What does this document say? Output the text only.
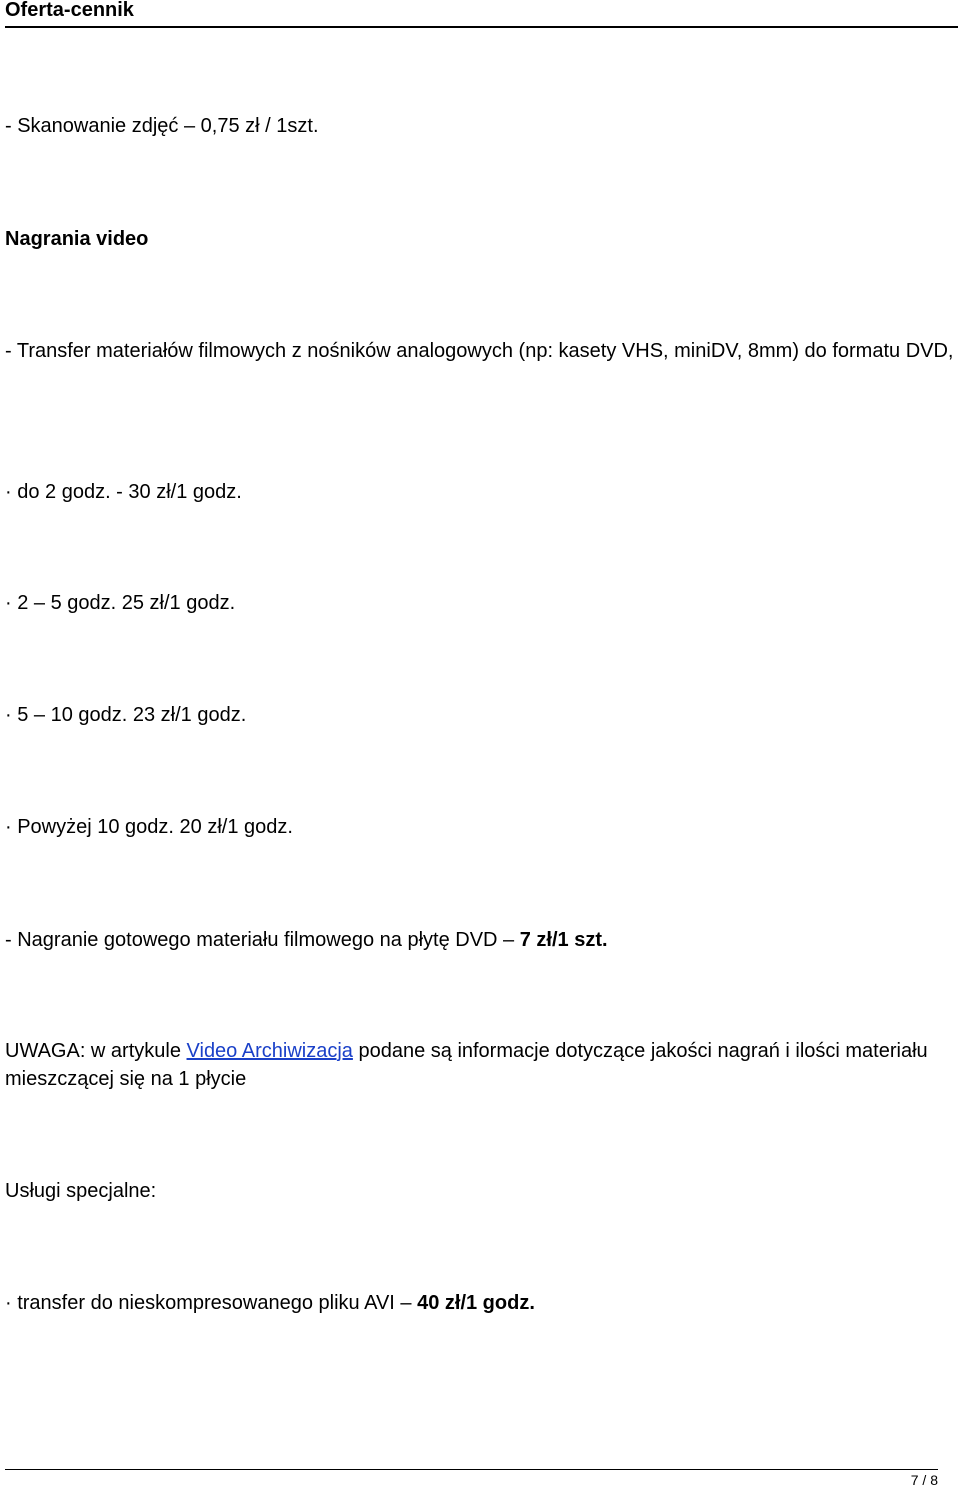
Oferta-cennik
- Skanowanie zdjęć – 0,75 zł / 1szt.
Nagrania video
- Transfer materiałów filmowych z nośników analogowych (np: kasety VHS, miniDV, 8mm) do formatu DVD,
· do 2 godz. - 30 zł/1 godz.
· 2 – 5 godz. 25 zł/1 godz.
· 5 – 10 godz. 23 zł/1 godz.
· Powyżej 10 godz. 20 zł/1 godz.
- Nagranie gotowego materiału filmowego na płytę DVD – 7 zł/1 szt.
UWAGA: w artykule Video Archiwizacja podane są informacje dotyczące jakości nagrań i ilości materiału mieszczącej się na 1 płycie
Usługi specjalne:
· transfer do nieskompresowanego pliku AVI – 40 zł/1 godz.
7 / 8
